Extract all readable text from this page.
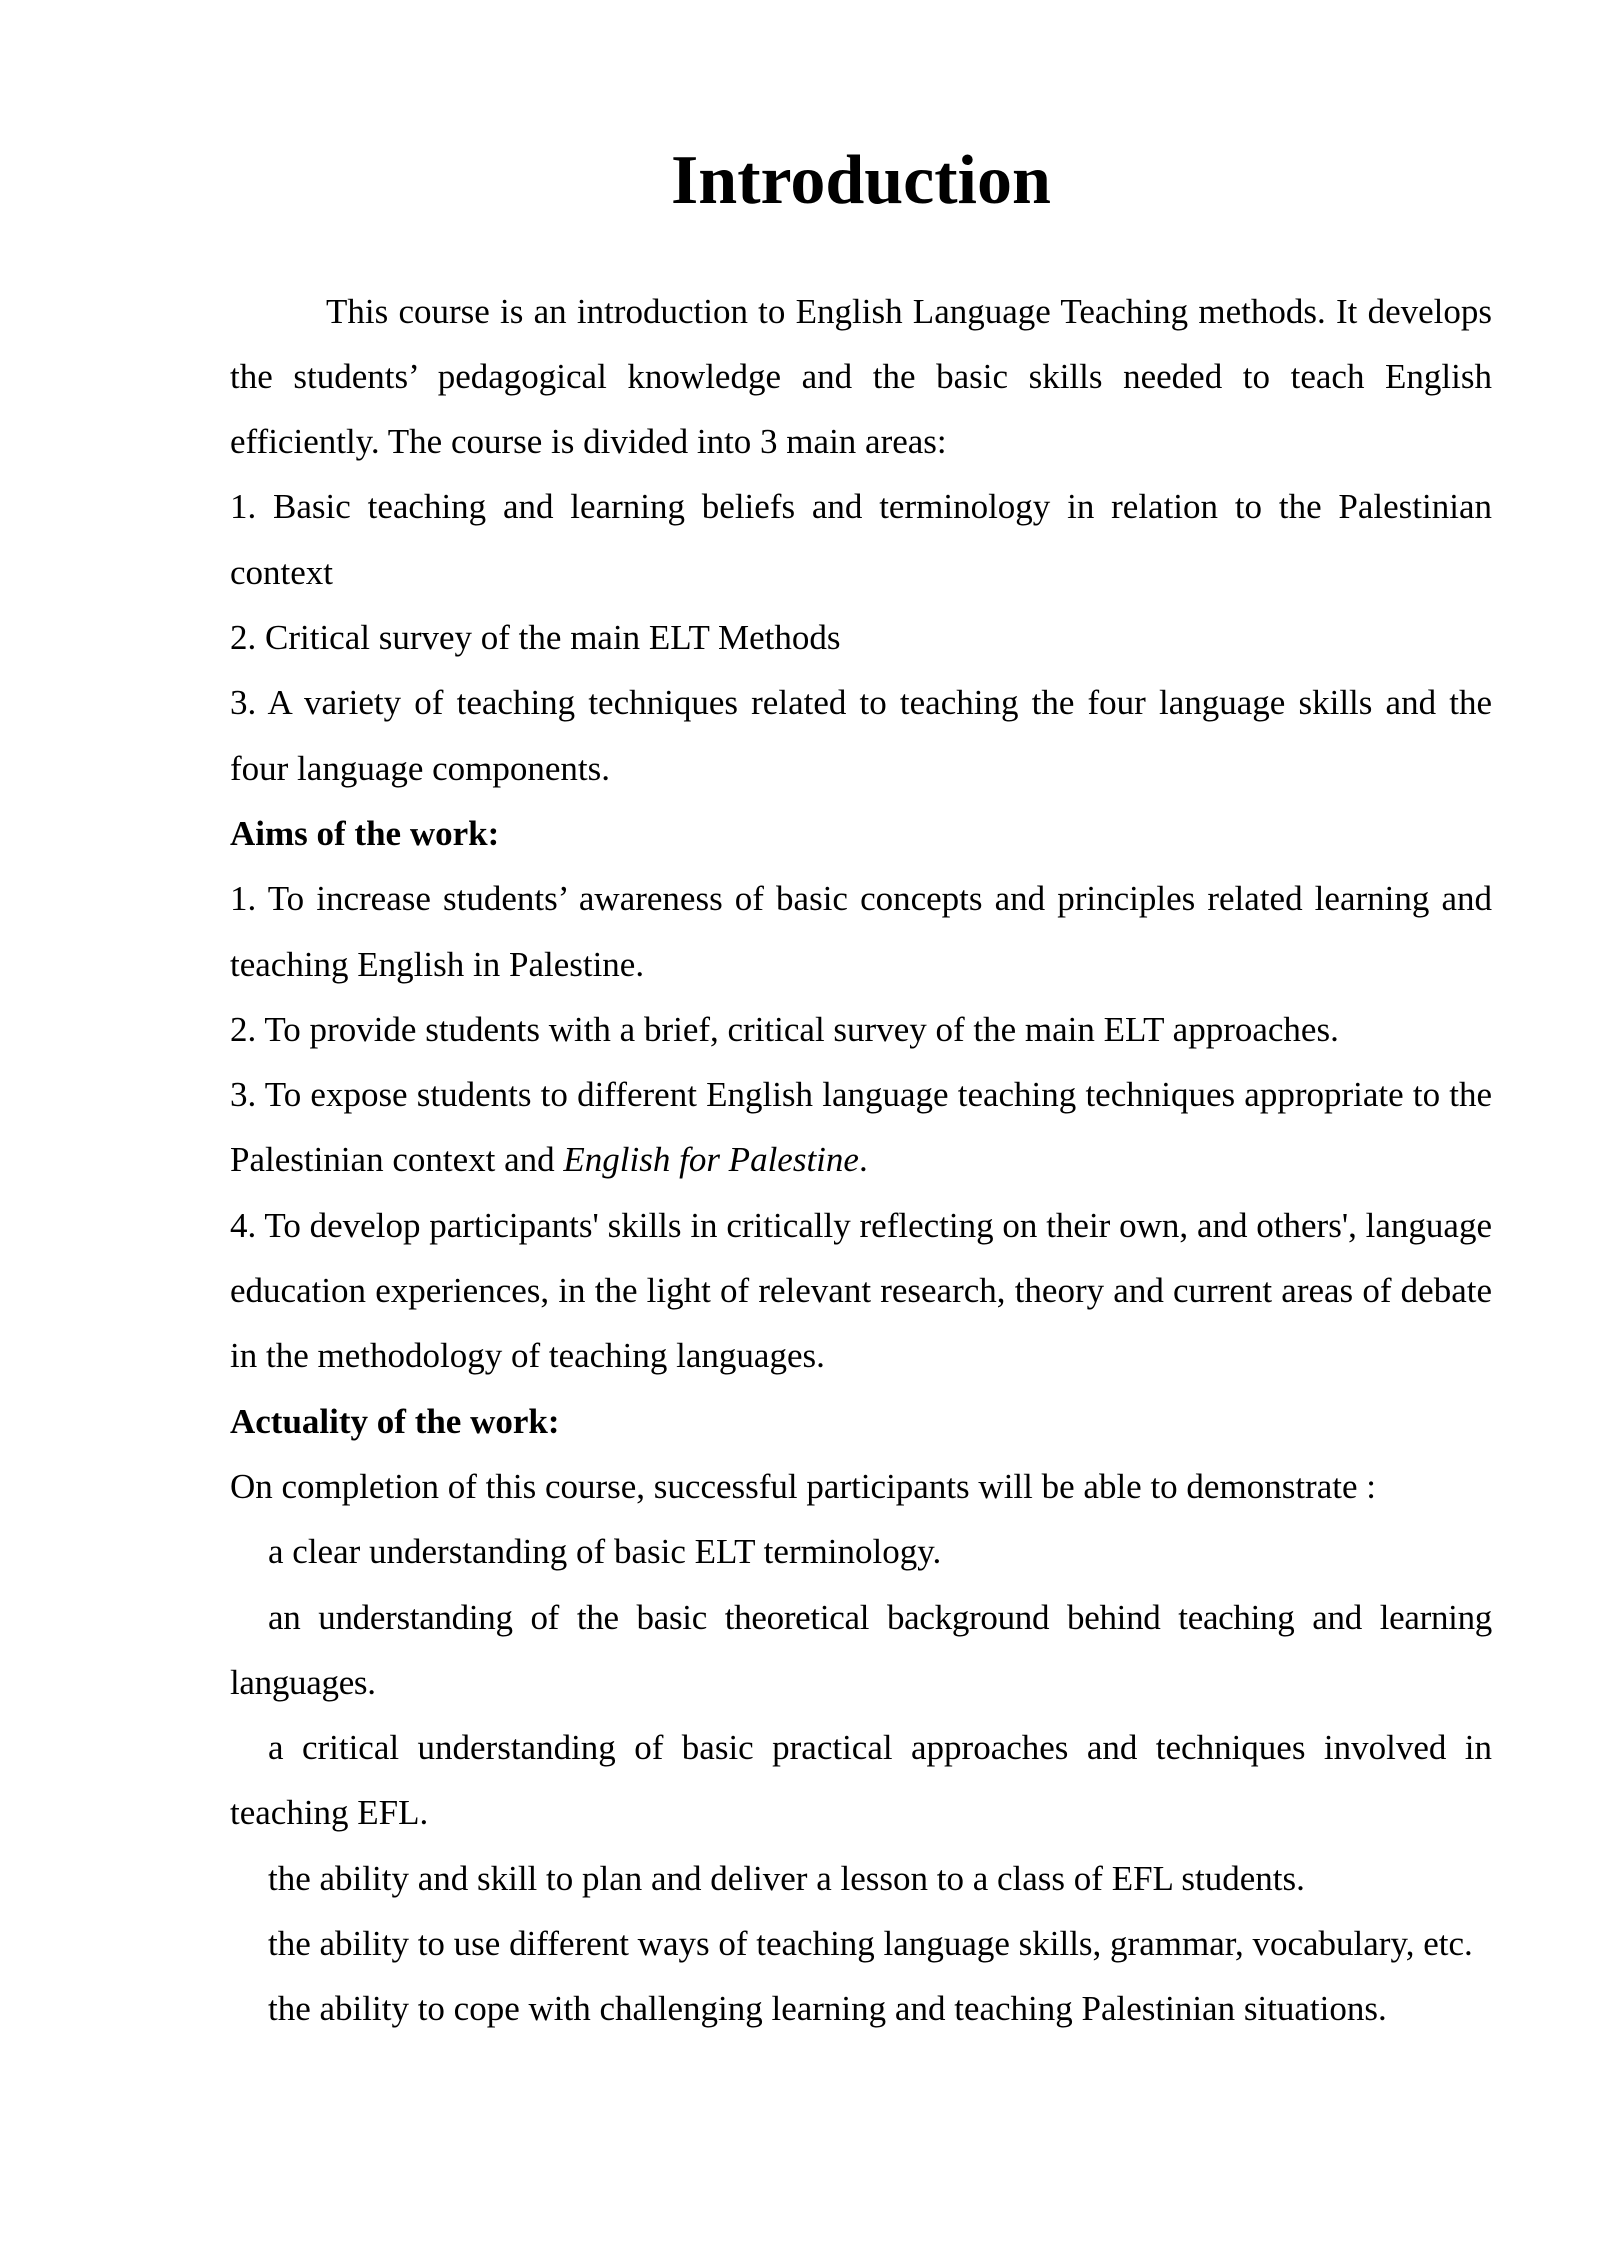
Introduction

This course is an introduction to English Language Teaching methods. It develops the students’ pedagogical knowledge and the basic skills needed to teach English efficiently. The course is divided into 3 main areas:

1. Basic teaching and learning beliefs and terminology in relation to the Palestinian context

2. Critical survey of the main ELT Methods

3. A variety of teaching techniques related to teaching the four language skills and the four language components.

Aims of the work:

1. To increase students’ awareness of basic concepts and principles related learning and teaching English in Palestine.

2. To provide students with a brief, critical survey of the main ELT approaches.

3. To expose students to different English language teaching techniques appropriate to the Palestinian context and English for Palestine.

4. To develop participants' skills in critically reflecting on their own, and others', language education experiences, in the light of relevant research, theory and current areas of debate in the methodology of teaching languages.

Actuality of the work:

On completion of this course, successful participants will be able to demonstrate :

a clear understanding of basic ELT terminology.

an understanding of the basic theoretical background behind teaching and learning languages.

a critical understanding of basic practical approaches and techniques involved in teaching EFL.

the ability and skill to plan and deliver a lesson to a class of EFL students.

the ability to use different ways of teaching language skills, grammar, vocabulary, etc.

the ability to cope with challenging learning and teaching Palestinian situations.
